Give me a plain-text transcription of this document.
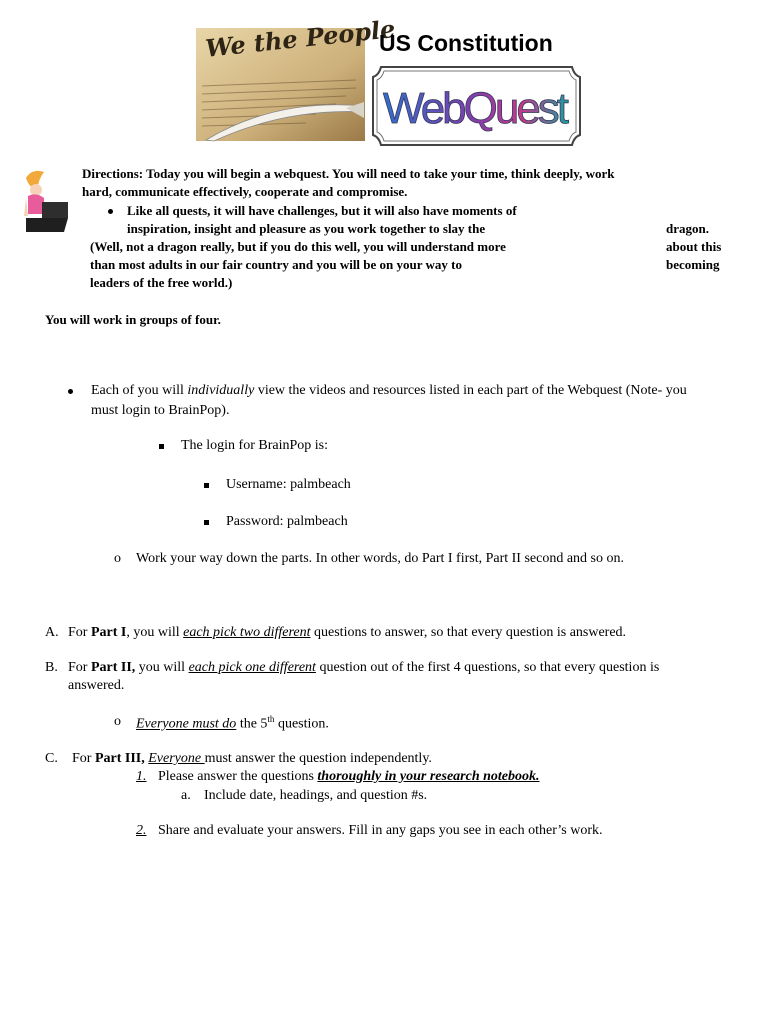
We the People
US Constitution
WebQuest
Directions: Today you will begin a webquest. You will need to take your time, think deeply, work
hard, communicate effectively, cooperate and compromise.
Like all quests, it will have challenges, but it will also have moments of
inspiration, insight and pleasure as you work together to slay the	dragon.
(Well, not a dragon really, but if you do this well, you will understand more	about this
than most adults in our fair country and you will be on your way to	becoming
leaders of the free world.)
You will work in groups of four.
Each of you will individually view the videos and resources listed in each part of the Webquest (Note- you
must login to BrainPop).
The login for BrainPop is:
Username: palmbeach
Password: palmbeach
o Work your way down the parts. In other words, do Part I first, Part II second and so on.
A. For Part I, you will each pick two different questions to answer, so that every question is answered.
B. For Part II, you will each pick one different question out of the first 4 questions, so that every question is
answered.
o Everyone must do the 5th question.
C. For Part III, Everyone must answer the question independently.
1. Please answer the questions thoroughly in your research notebook.
a. Include date, headings, and question #s.
2. Share and evaluate your answers. Fill in any gaps you see in each other’s work.
